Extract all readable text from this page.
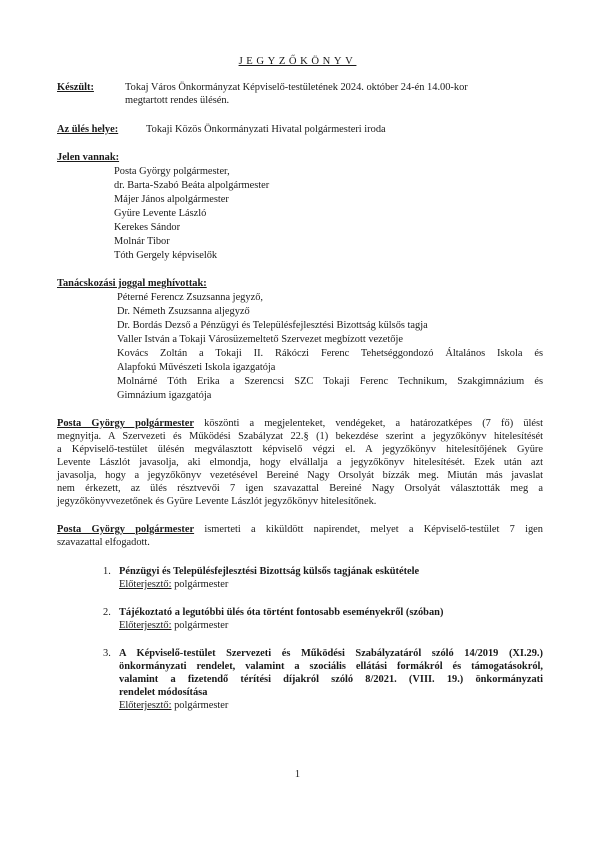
JEGYZŐKÖNYV
Készült:	Tokaj Város Önkormányzat Képviselő-testületének 2024. október 24-én 14.00-kor
megtartott rendes ülésén.
Az ülés helye:	Tokaji Közös Önkormányzati Hivatal polgármesteri iroda
Jelen vannak:
Posta György polgármester,
dr. Barta-Szabó Beáta alpolgármester
Májer János alpolgármester
Gyüre Levente László
Kerekes Sándor
Molnár Tibor
Tóth Gergely képviselők
Tanácskozási joggal meghívottak:
Péterné Ferencz Zsuzsanna jegyző,
Dr. Németh Zsuzsanna aljegyző
Dr. Bordás Dezső a Pénzügyi és Településfejlesztési Bizottság külsős tagja
Valler István a Tokaji Városüzemeltető Szervezet megbízott vezetője
Kovács Zoltán a Tokaji II. Rákóczi Ferenc Tehetséggondozó Általános Iskola és
Alapfokú Művészeti Iskola igazgatója
Molnárné Tóth Erika a Szerencsi SZC Tokaji Ferenc Technikum, Szakgimnázium és
Gimnázium igazgatója
Posta György polgármester köszönti a megjelenteket, vendégeket, a határozatképes (7 fő) ülést
megnyitja. A Szervezeti és Működési Szabályzat 22.§ (1) bekezdése szerint a jegyzőkönyv hitelesítését
a Képviselő-testület ülésén megválasztott képviselő végzi el. A jegyzőkönyv hitelesítőjének Gyüre
Levente Lászlót javasolja, aki elmondja, hogy elvállalja a jegyzőkönyv hitelesítését. Ezek után azt
javasolja, hogy a jegyzőkönyv vezetésével Bereiné Nagy Orsolyát bízzák meg. Miután más javaslat
nem érkezett, az ülés résztvevői 7 igen szavazattal Bereiné Nagy Orsolyát választották meg a
jegyzőkönyvvezetőnek és Gyüre Levente Lászlót jegyzőkönyv hitelesítőnek.
Posta György polgármester ismerteti a kiküldött napirendet, melyet a Képviselő-testület 7 igen
szavazattal elfogadott.
1. Pénzügyi és Településfejlesztési Bizottság külsős tagjának eskütétele
Előterjesztő: polgármester
2. Tájékoztató a legutóbbi ülés óta történt fontosabb eseményekről (szóban)
Előterjesztő: polgármester
3. A Képviselő-testület Szervezeti és Működési Szabályzatáról szóló 14/2019 (XI.29.)
önkormányzati rendelet, valamint a szociális ellátási formákról és támogatásokról,
valamint a fizetendő térítési díjakról szóló 8/2021. (VIII. 19.) önkormányzati
rendelet módosítása
Előterjesztő: polgármester
1
